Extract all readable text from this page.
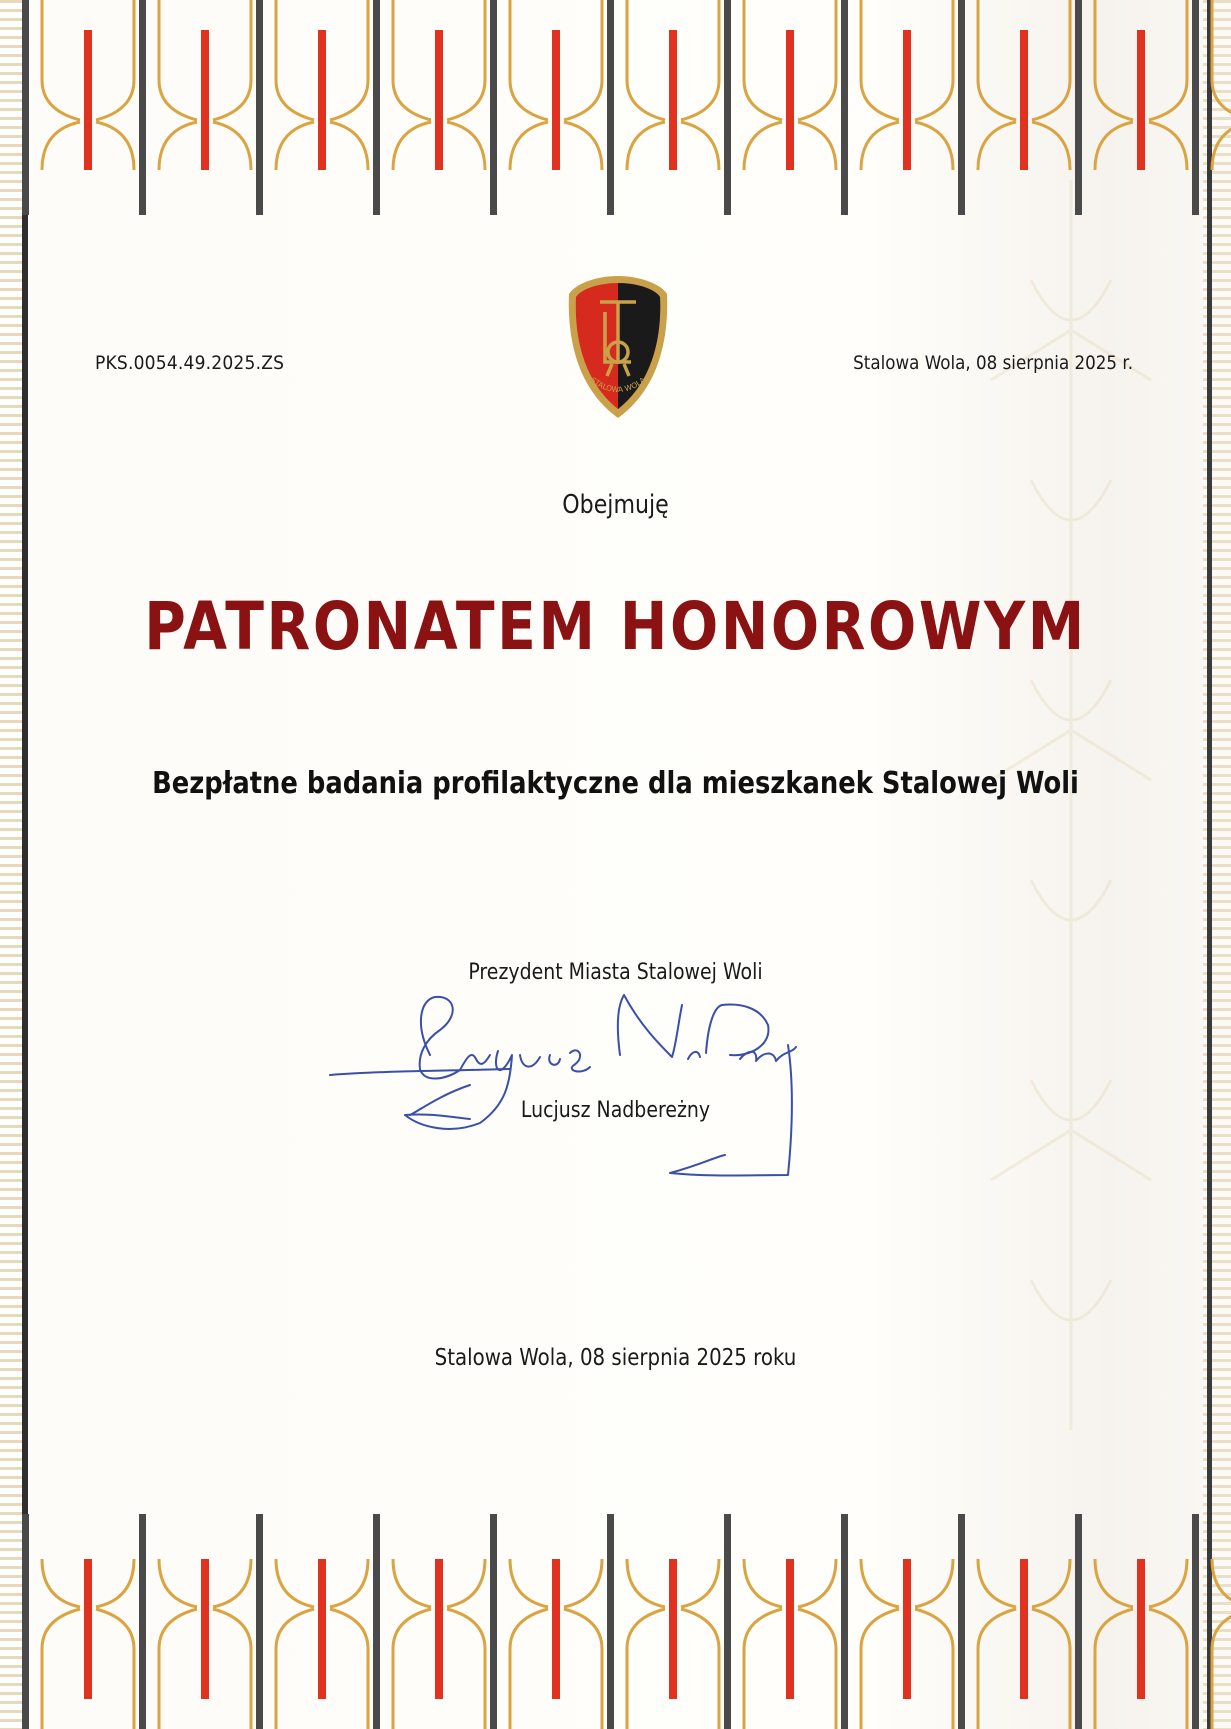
PKS.0054.49.2025.ZS	Stalowa Wola, 08 sierpnia 2025 r.
STALOWA WOLA
Obejmuję
PATRONATEM HONOROWYM
Bezpłatne badania profilaktyczne dla mieszkanek Stalowej Woli
Prezydent Miasta Stalowej Woli
Lucjusz Nadbereżny
Stalowa Wola, 08 sierpnia 2025 roku
